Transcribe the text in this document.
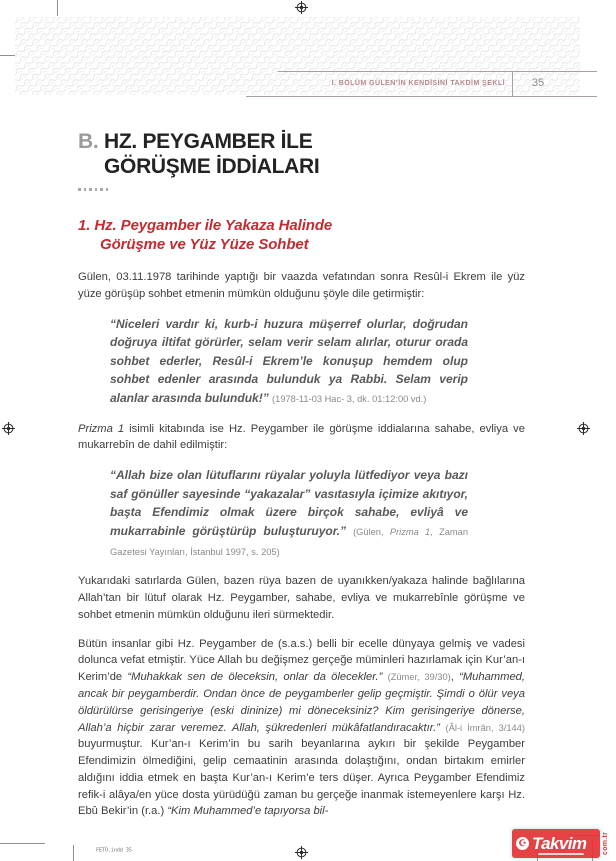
I. BÖLÜM GÜLEN’İN KENDİSİNİ TAKDİM ŞEKLİ	35
B. HZ. PEYGAMBER İLE GÖRÜŞME İDDİALARI
1. Hz. Peygamber ile Yakaza Halinde Görüşme ve Yüz Yüze Sohbet
Gülen, 03.11.1978 tarihinde yaptığı bir vaazda vefatından sonra Resûl-i Ekrem ile yüz yüze görüşüp sohbet etmenin mümkün olduğunu şöyle dile getirmiştir:
“Niceleri vardır ki, kurb-i huzura müşerref olurlar, doğrudan doğruya iltifat görürler, selam verir selam alırlar, oturur orada sohbet ederler, Resûl-i Ekrem’le konuşup hemdem olup sohbet edenler arasında bulunduk ya Rabbi. Selam verip alanlar arasında bulunduk!” (1978-11-03 Hac- 3, dk. 01:12:00 vd.)
Prizma 1 isimli kitabında ise Hz. Peygamber ile görüşme iddialarına sahabe, evliya ve mukarrebîn de dahil edilmiştir:
“Allah bize olan lütuflarını rüyalar yoluyla lütfediyor veya bazı saf gönüller sayesinde “yakazalar” vasıtasıyla içimize akıtıyor, başta Efendimiz olmak üzere birçok sahabe, evliyâ ve mukarrabinle görüştürüp buluşturuyor.” (Gülen, Prizma 1, Zaman Gazetesi Yayınları, İstanbul 1997, s. 205)
Yukarıdaki satırlarda Gülen, bazen rüya bazen de uyanıkken/yakaza halinde bağlılarına Allah’tan bir lütuf olarak Hz. Peygamber, sahabe, evliya ve mukarrebînle görüşme ve sohbet etmenin mümkün olduğunu ileri sürmektedir.
Bütün insanlar gibi Hz. Peygamber de (s.a.s.) belli bir ecelle dünyaya gelmiş ve vadesi dolunca vefat etmiştir. Yüce Allah bu değişmez gerçeğe müminleri hazırlamak için Kur’an-ı Kerim’de “Muhakkak sen de öleceksin, onlar da ölecekler.” (Zümer, 39/30), “Muhammed, ancak bir peygamberdir. Ondan önce de peygamberler gelip geçmiştir. Şimdi o ölür veya öldürülürse gerisingeriye (eski dininize) mi döneceksiniz? Kim gerisingeriye dönerse, Allah’a hiçbir zarar veremez. Allah, şükredenleri mükâfatlandıracaktır.” (Âl-i İmrân, 3/144) buyurmuştur. Kur’an-ı Kerim’in bu sarih beyanlarına aykırı bir şekilde Peygamber Efendimizin ölmediğini, gelip cemaatinin arasında dolaştığını, ondan birtakım emirler aldığını iddia etmek en başta Kur’an-ı Kerim’e ters düşer. Ayrıca Peygamber Efendimiz refik-i alâya/en yüce dosta yürüdüğü zaman bu gerçeğe inanmak istemeyenlere karşı Hz. Ebû Bekir’in (r.a.) “Kim Muhammed’e tapıyorsa bil-
FETÖ.indd 35
☪ Takvim com.tr
